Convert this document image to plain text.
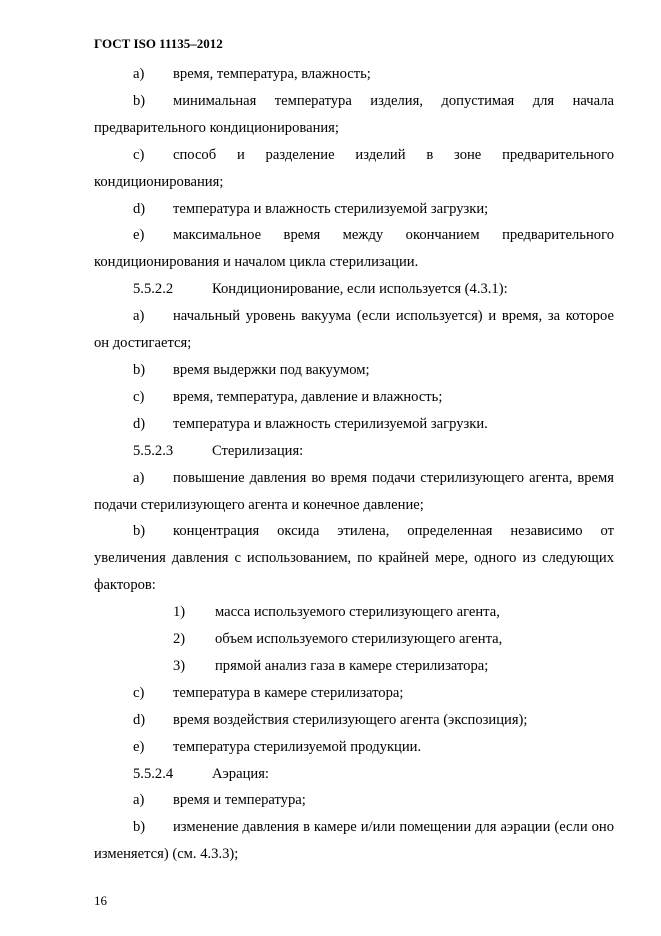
ГОСТ ISO 11135–2012

a) время, температура, влажность;

b) минимальная температура изделия, допустимая для начала предварительного кондиционирования;

c) способ и разделение изделий в зоне предварительного кондиционирования;

d) температура и влажность стерилизуемой загрузки;

e) максимальное время между окончанием предварительного кондиционирования и началом цикла стерилизации.

5.5.2.2	Кондиционирование, если используется (4.3.1):

a) начальный уровень вакуума (если используется) и время, за которое он достигается;

b) время выдержки под вакуумом;

c) время, температура, давление и влажность;

d) температура и влажность стерилизуемой загрузки.

5.5.2.3	Стерилизация:

a) повышение давления во время подачи стерилизующего агента, время подачи стерилизующего агента и конечное давление;

b) концентрация оксида этилена, определенная независимо от увеличения давления с использованием, по крайней мере, одного из следующих факторов:

1) масса используемого стерилизующего агента,

2) объем используемого стерилизующего агента,

3) прямой анализ газа в камере стерилизатора;

c) температура в камере стерилизатора;

d) время воздействия стерилизующего агента (экспозиция);

e) температура стерилизуемой продукции.

5.5.2.4	Аэрация:

a) время и температура;

b) изменение давления в камере и/или помещении для аэрации (если оно изменяется) (см. 4.3.3);

16
